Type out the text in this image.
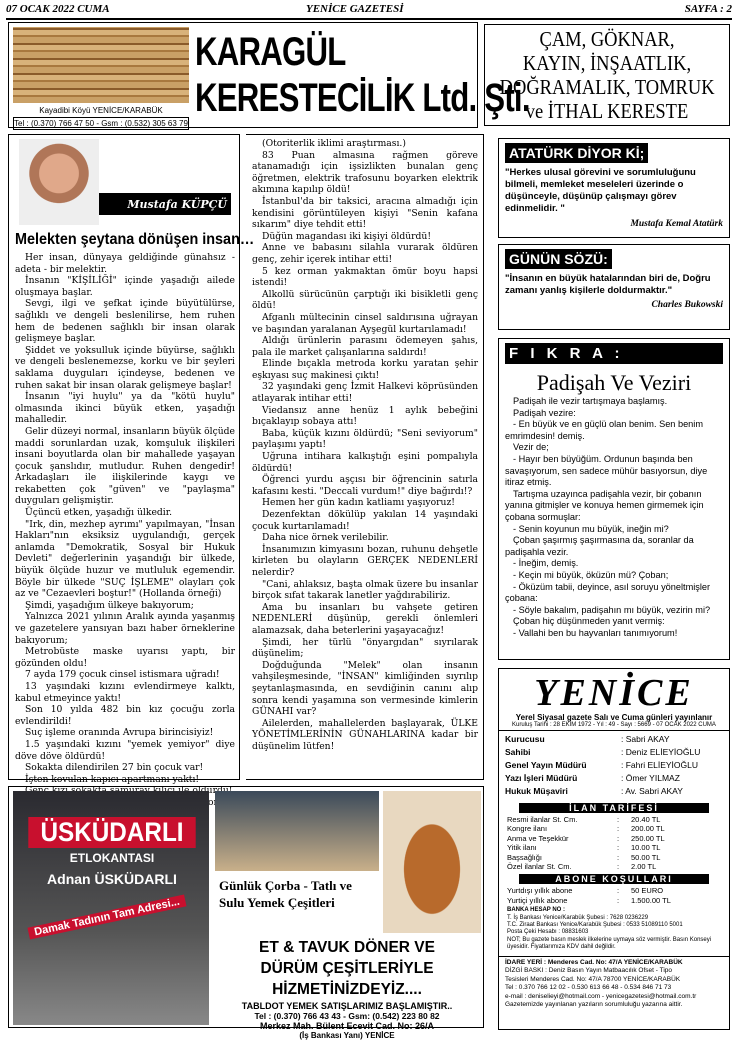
07 OCAK 2022 CUMA	YENİCE GAZETESİ	SAYFA : 2
Kayadibi Köyü YENİCE/KARABÜK
Tel : (0.370) 766 47 50 - Gsm : (0.532) 305 63 79
KARAGÜL
KERESTECİLİK Ltd. Şti.
ÇAM, GÖKNAR,
KAYIN, İNŞAATLIK,
DOĞRAMALIK, TOMRUK
ve İTHAL KERESTE
Mustafa KÜPÇÜ
Melekten şeytana dönüşen insan…

Her insan, dünyaya geldiğinde günahsız - adeta - bir melektir.

İnsanın "KİŞİLİĞİ" içinde yaşadığı ailede oluşmaya başlar.

Sevgi, ilgi ve şefkat içinde büyütülürse, sağlıklı ve dengeli beslenilirse, hem ruhen hem de bedenen sağlıklı bir insan olarak gelişmeye başlar.

Şiddet ve yoksulluk içinde büyürse, sağlıklı ve dengeli beslenemezse, korku ve bir şeyleri saklama duyguları içindeyse, bedenen ve ruhen sakat bir insan olarak gelişmeye başlar!

İnsanın "iyi huylu" ya da "kötü huylu" olmasında ikinci büyük etken, yaşadığı mahalledir.

Gelir düzeyi normal, insanların büyük ölçüde maddi sorunlardan uzak, komşuluk ilişkileri insani boyutlarda olan bir mahallede yaşayan çocuk şanslıdır, mutludur. Ruhen dengedir! Arkadaşları ile ilişkilerinde kaygı ve rekabetten çok "güven" ve "paylaşma" duyguları gelişmiştir.

Üçüncü etken, yaşadığı ülkedir.

"Irk, din, mezhep ayrımı" yapılmayan, "İnsan Hakları"nın eksiksiz uygulandığı, gerçek anlamda "Demokratik, Sosyal bir Hukuk Devleti" değerlerinin yaşandığı bir ülkede, büyük ölçüde huzur ve mutluluk egemendir. Böyle bir ülkede "SUÇ İŞLEME" olayları çok az ve "Cezaevleri boştur!" (Hollanda örneği)

Şimdi, yaşadığım ülkeye bakıyorum;

Yalnızca 2021 yılının Aralık ayında yaşanmış ve gazetelere yansıyan bazı haber örneklerine bakıyorum;

Metrobüste maske uyarısı yaptı, bir gözünden oldu!

7 ayda 179 çocuk cinsel istismara uğradı!

13 yaşındaki kızını evlendirmeye kalktı, kabul etmeyince yaktı!

Son 10 yılda 482 bin kız çocuğu zorla evlendirildi!

Suç işleme oranında Avrupa birincisiyiz!

1.5 yaşındaki kızını "yemek yemiyor" diye döve döve öldürdü!

Sokakta dilendirilen 27 bin çocuk var!

İşten kovulan kapıcı apartmanı yaktı!

öldürdü!

(Otoriterlik iklimi araştırması.)

83 Puan almasına rağmen göreve atanamadığı için işsizlikten bunalan genç öğretmen, elektrik trafosunu boyarken elektrik akımına kapılıp öldü!

İstanbul'da bir taksici, aracına almadığı için kendisini görüntüleyen kişiyi "Senin kafana sıkarım" diye tehdit etti!

Düğün magandası iki kişiyi öldürdü!

Anne ve babasını silahla vurarak öldüren genç, zehir içerek intihar etti!

5 kez orman yakmaktan ömür boyu hapsi istendi!

Alkollü sürücünün çarptığı iki bisikletli genç öldü!

Afganlı mültecinin cinsel saldırısına uğrayan ve başından yaralanan Ayşegül kurtarılamadı!

Aldığı ürünlerin parasını ödemeyen şahıs, pala ile market çalışanlarına saldırdı!

Elinde bıçakla metroda korku yaratan şehir eşkıyası suç makinesi çıktı!

32 yaşındaki genç İzmit Halkevi köprüsünden atlayarak intihar etti!

Viedansız anne henüz 1 aylık bebeğini bıçaklayıp sobaya attı!

Baba, küçük kızını öldürdü; "Seni seviyorum" paylaşımı yaptı!

Uğruna intihara kalkıştığı eşini pompalıyla öldürdü!

Öğrenci yurdu aşçısı bir öğrencinin satırla kafasını kesti. "Deccali vurdum!" diye bağırdı!?

Hemen her gün kadın katliamı yaşıyoruz!

Dezenfektan dökülüp yakılan 14 yaşındaki çocuk kurtarılamadı!

Daha nice örnek verilebilir.

İnsanımızın kimyasını bozan, ruhunu dehşetle kirleten bu olayların GERÇEK NEDENLERİ nelerdir?

"Cani, ahlaksız, başta olmak üzere bu insanlar birçok sıfat takarak lanetler yağdırabiliriz.

Ama bu insanları bu vahşete getiren NEDENLERİ düşünüp, gerekli önlemleri alamazsak, daha beterlerini yaşayacağız!

Şimdi, her türlü "önyargıdan" sıyrılarak düşünelim;

Doğduğunda "Melek" olan insanın vahşileşmesinde, "İNSAN" kimliğinden sıyrılıp şeytanlaşmasında, en sevdiğinin canını alıp sonra kendi yaşamına son vermesinde kimlerin GÜNAHI var?

Ailelerden, mahallelerden başlayarak, ÜLKE YÖNETİMLERİNİN GÜNAHLARINA kadar bir düşünelim lütfen!

ATATÜRK DİYOR Kİ;
"Herkes ulusal görevini ve sorumluluğunu bilmeli, memleket meseleleri üzerinde o düşünceyle, düşünüp çalışmayı görev edinmelidir. "
Mustafa Kemal Atatürk
GÜNÜN SÖZÜ:
"İnsanın en büyük hatalarından biri de, Doğru zamanı yanlış kişilerle doldurmaktır."
Charles Bukowski
F I K R A :
Padişah Ve Veziri

Padişah ile vezir tartışmaya başlamış.

Padişah vezire:

- En büyük ve en güçlü olan benim. Sen benim emrimdesin! demiş.

Vezir de;

- Hayır ben büyüğüm. Ordunun başında ben savaşıyorum, sen sadece mühür basıyorsun, diye itiraz etmiş.

Tartışma uzayınca padişahla vezir, bir çobanın yanına gitmişler ve konuya hemen girmemek için çobana sormuşlar:

- Senin koyunun mu büyük, ineğin mi?

Çoban şaşırmış şaşırmasına da, soranlar da padişahla vezir.

- İneğim, demiş.

- Keçin mi büyük, öküzün mü? Çoban;

- Öküzüm tabii, deyince, asıl soruyu yöneltmişler çobana:

- Söyle bakalım, padişahın mı büyük, vezirin mi?

Çoban hiç düşünmeden yanıt vermiş:

- Vallahi ben bu hayvanları tanımıyorum!

YENİCE
Yerel Siyasal gazete Salı ve Cuma günleri yayınlanır
Kuruluş Tarihi : 28 EKİM 1972 - Yıl : 49 - Sayı : 5669 - 07 OCAK 2022 CUMA
Kurucusu	: Sabri AKAY
Sahibi	: Deniz ELİEYİOĞLU
Genel Yayın Müdürü	: Fahri ELİEYİOĞLU
Yazı İşleri Müdürü	: Ömer YILMAZ
Hukuk Müşaviri	: Av. Sabri AKAY
İLAN TARİFESİ
Resmi ilanlar St. Cm.	:	20.40 TL
Kongre ilanı	:	200.00 TL
Anma ve Teşekkür	:	250.00 TL
Yitik ilanı	:	10.00 TL
Başsağlığı	:	50.00 TL
Özel ilanlar St. Cm.	:	2.00 TL
ABONE KOŞULLARI
Yurtdışı yıllık abone	:	50 EURO
Yurtiçi yıllık abone	:	1.500.00 TL
BANKA HESAP NO :
T. İş Bankası Yenice/Karabük Şubesi : 7628 0236229
T.C. Ziraat Bankası Yenice/Karabük Şubesi : 0533 51089110 5001
Posta Çeki Hesabı : 08831603
NOT; Bu gazete basın meslek ilkelerine uymaya söz vermiştir. Basın Konseyi üyesidir. Fiyatlarımıza KDV dahil değildir.
İDARE YERİ : Menderes Cad. No: 47/A YENİCE/KARABÜK
DİZGİ BASKI : Deniz Basın Yayın Matbaacılık Ofset - Tipo
Tesisleri Menderes Cad. No: 47/A 78700 YENİCE/KARABÜK
Tel : 0.370 766 12 02 - 0.530 613 66 48 - 0.534 846 71 73
e-mail : deniselieyi@hotmail.com - yenicegazetesi@hotmail.com.tr
Gazetemizde yayınlanan yazıların sorumluluğu yazarına aittir.
ÜSKÜDARLI
ETLOKANTASI
Adnan ÜSKÜDARLI
Damak Tadının Tam Adresi...
Günlük Çorba - Tatlı ve
Sulu Yemek Çeşitleri
ET & TAVUK DÖNER VE
DÜRÜM ÇEŞİTLERİYLE
HİZMETİNİZDEYİZ....
TABLDOT YEMEK SATIŞLARIMIZ BAŞLAMIŞTIR..
Tel : (0.370) 766 43 43 - Gsm: (0.542) 223 80 82
Merkez Mah. Bülent Ecevit Cad. No: 26/A
(İş Bankası Yanı) YENİCE
